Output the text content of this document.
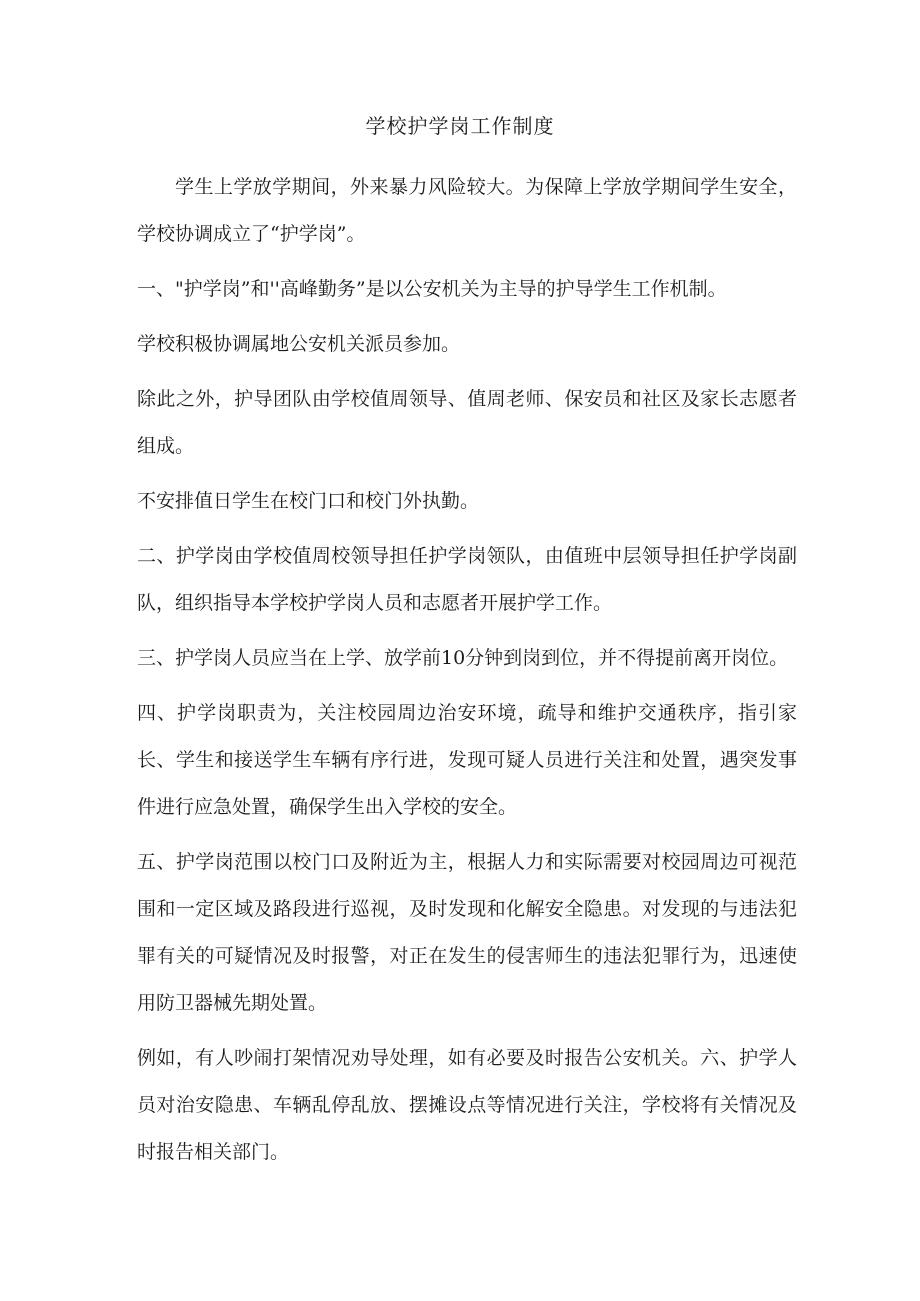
学校护学岗工作制度

学生上学放学期间，外来暴力风险较大。为保障上学放学期间学生安全，学校协调成立了“护学岗”。

一、"护学岗”和''高峰勤务”是以公安机关为主导的护导学生工作机制。

学校积极协调属地公安机关派员参加。

除此之外，护导团队由学校值周领导、值周老师、保安员和社区及家长志愿者组成。

不安排值日学生在校门口和校门外执勤。

二、护学岗由学校值周校领导担任护学岗领队，由值班中层领导担任护学岗副队，组织指导本学校护学岗人员和志愿者开展护学工作。

三、护学岗人员应当在上学、放学前10分钟到岗到位，并不得提前离开岗位。

四、护学岗职责为，关注校园周边治安环境，疏导和维护交通秩序，指引家长、学生和接送学生车辆有序行进，发现可疑人员进行关注和处置，遇突发事件进行应急处置，确保学生出入学校的安全。

五、护学岗范围以校门口及附近为主，根据人力和实际需要对校园周边可视范围和一定区域及路段进行巡视，及时发现和化解安全隐患。对发现的与违法犯罪有关的可疑情况及时报警，对正在发生的侵害师生的违法犯罪行为，迅速使用防卫器械先期处置。

例如，有人吵闹打架情况劝导处理，如有必要及时报告公安机关。六、护学人员对治安隐患、车辆乱停乱放、摆摊设点等情况进行关注，学校将有关情况及时报告相关部门。
